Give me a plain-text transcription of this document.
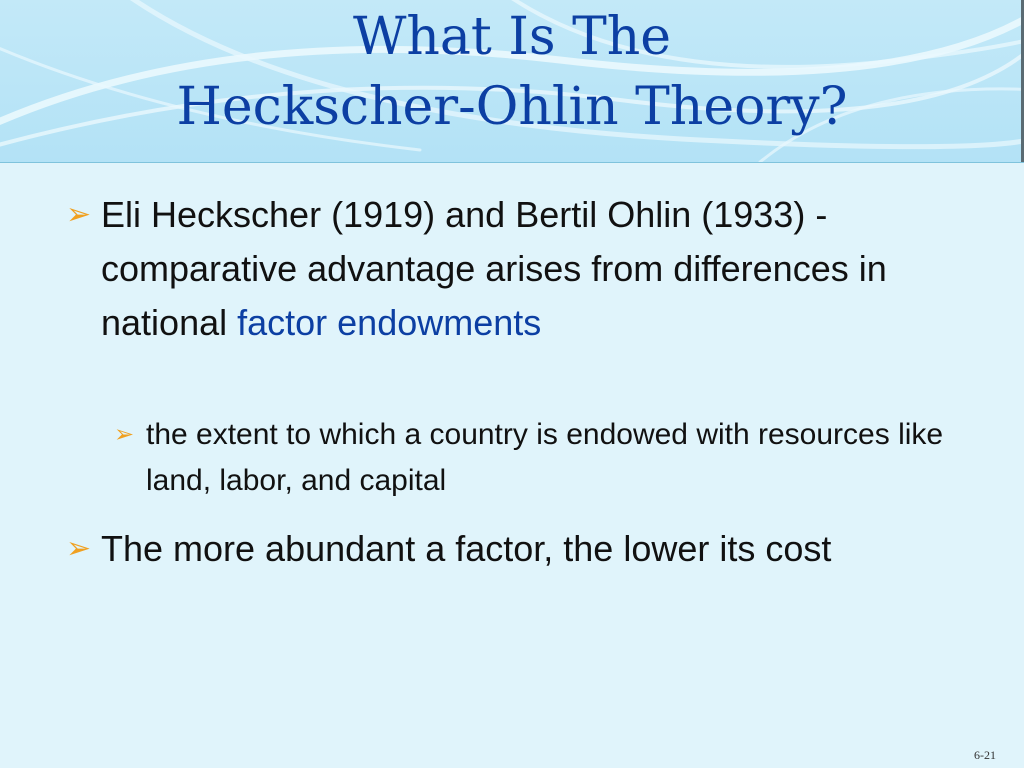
What Is The
Heckscher-Ohlin Theory?
➢ Eli Heckscher (1919) and Bertil Ohlin (1933) - comparative advantage arises from differences in national factor endowments
➢ the extent to which a country is endowed with resources like land, labor, and capital
➢ The more abundant a factor, the lower its cost
6-21
